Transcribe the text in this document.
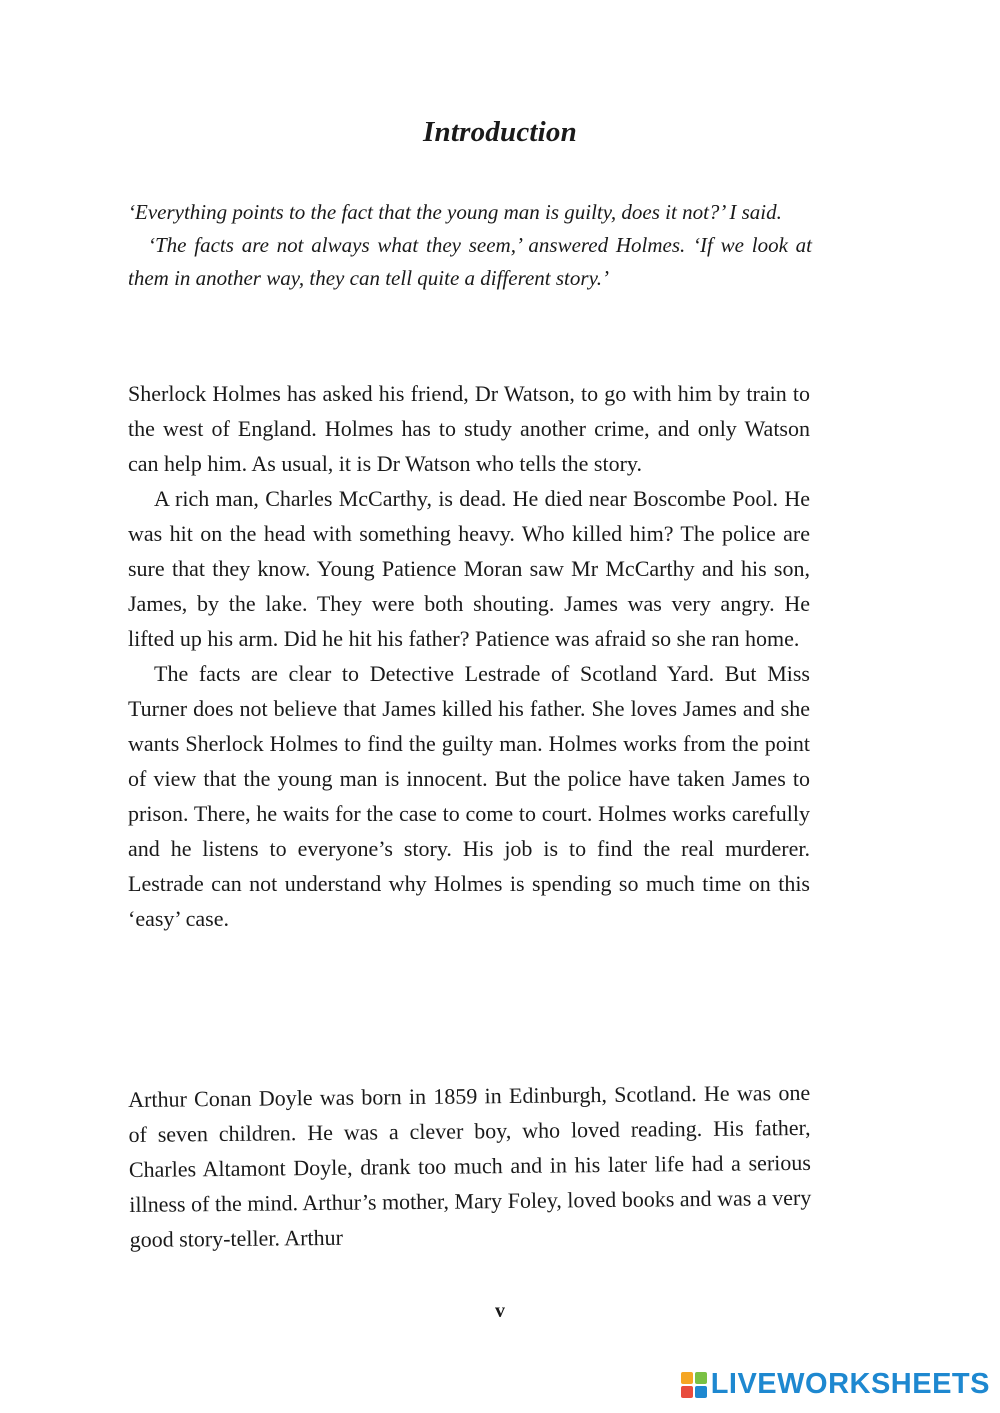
Introduction

‘Everything points to the fact that the young man is guilty, does it not?’ I said.

‘The facts are not always what they seem,’ answered Holmes. ‘If we look at them in another way, they can tell quite a different story.’

Sherlock Holmes has asked his friend, Dr Watson, to go with him by train to the west of England. Holmes has to study another crime, and only Watson can help him. As usual, it is Dr Watson who tells the story.

A rich man, Charles McCarthy, is dead. He died near Boscombe Pool. He was hit on the head with something heavy. Who killed him? The police are sure that they know. Young Patience Moran saw Mr McCarthy and his son, James, by the lake. They were both shouting. James was very angry. He lifted up his arm. Did he hit his father? Patience was afraid so she ran home.

The facts are clear to Detective Lestrade of Scotland Yard. But Miss Turner does not believe that James killed his father. She loves James and she wants Sherlock Holmes to find the guilty man. Holmes works from the point of view that the young man is innocent. But the police have taken James to prison. There, he waits for the case to come to court. Holmes works carefully and he listens to everyone’s story. His job is to find the real murderer. Lestrade can not understand why Holmes is spending so much time on this ‘easy’ case.

Arthur Conan Doyle was born in 1859 in Edinburgh, Scotland. He was one of seven children. He was a clever boy, who loved reading. His father, Charles Altamont Doyle, drank too much and in his later life had a serious illness of the mind. Arthur’s mother, Mary Foley, loved books and was a very good story-teller. Arthur

v
LIVEWORKSHEETS
